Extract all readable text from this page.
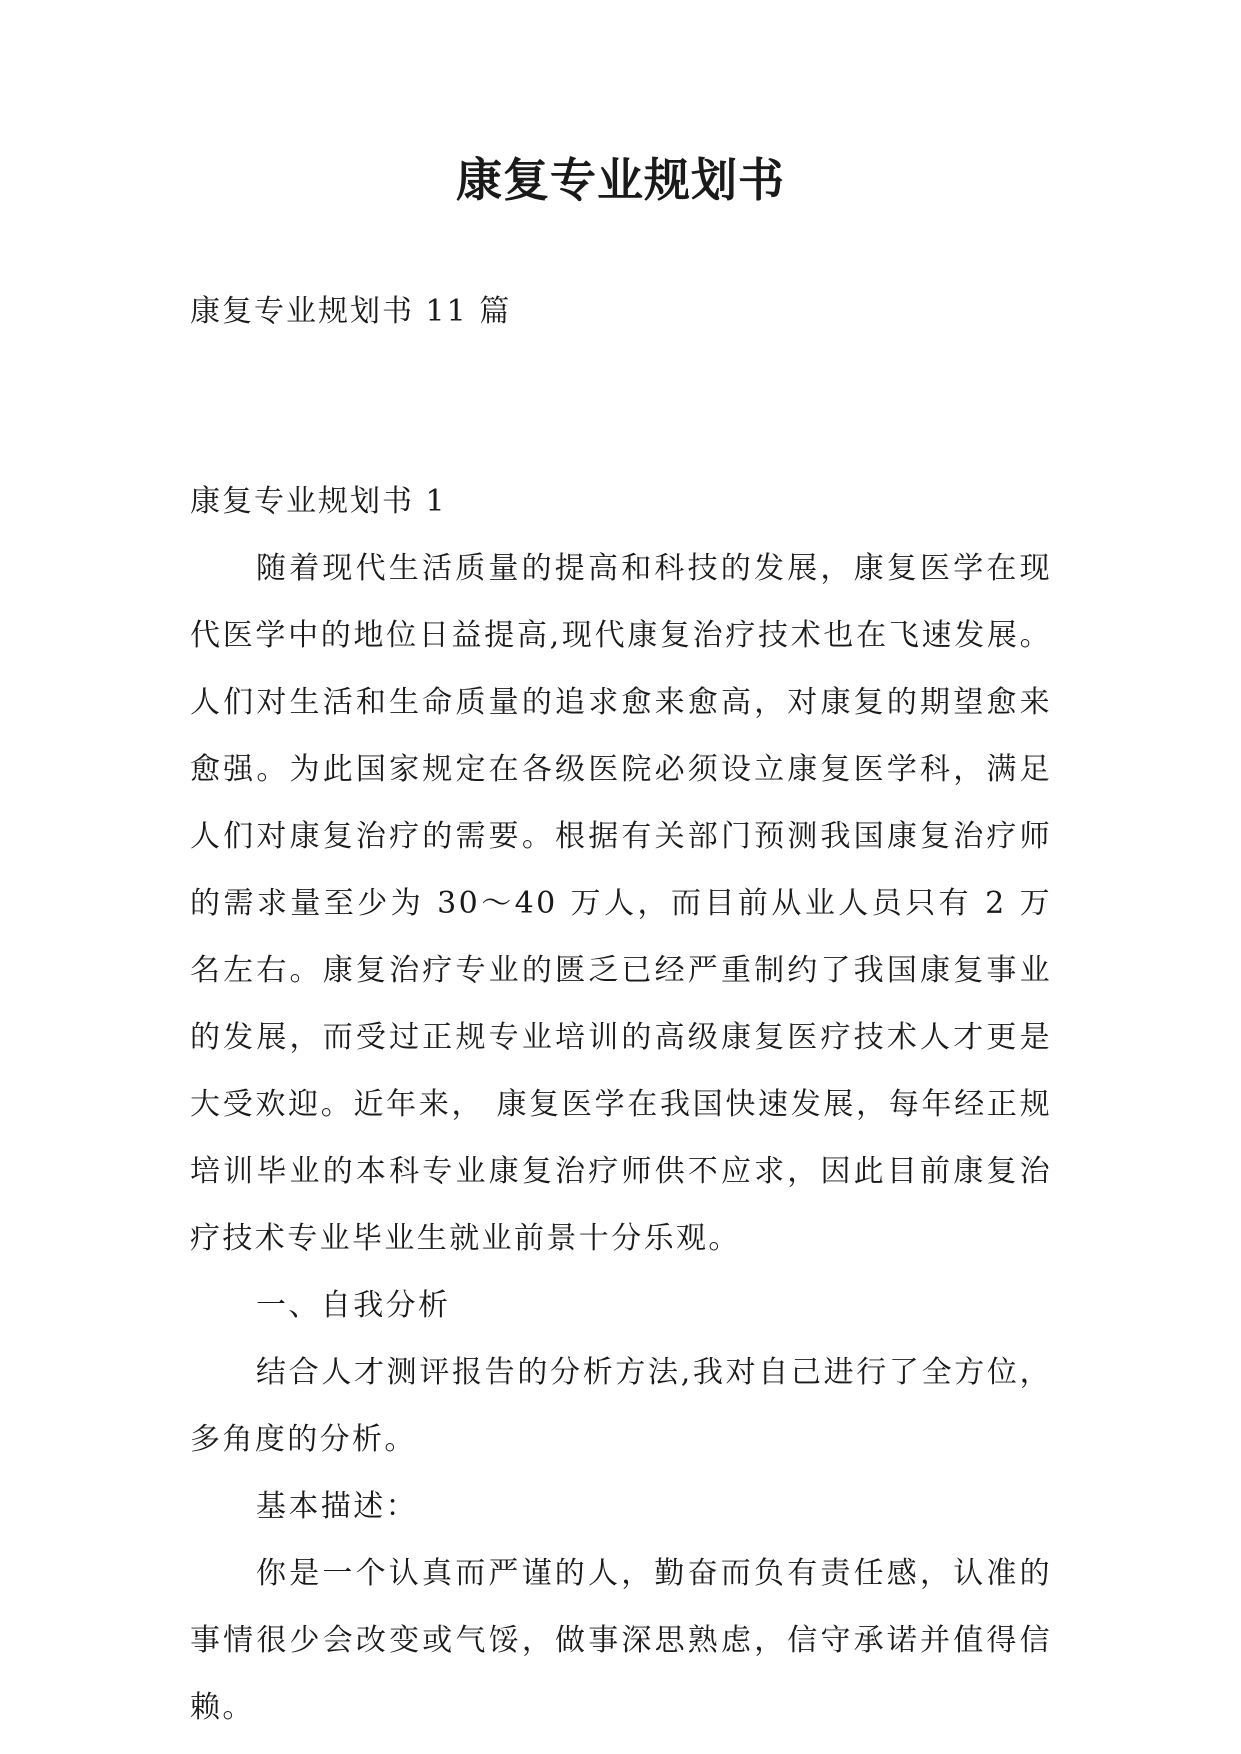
康复专业规划书
康复专业规划书 11 篇

康复专业规划书 1

随着现代生活质量的提高和科技的发展，康复医学在现代医学中的地位日益提高,现代康复治疗技术也在飞速发展。人们对生活和生命质量的追求愈来愈高，对康复的期望愈来愈强。为此国家规定在各级医院必须设立康复医学科，满足人们对康复治疗的需要。根据有关部门预测我国康复治疗师的需求量至少为 30～40 万人，而目前从业人员只有 2 万名左右。康复治疗专业的匮乏已经严重制约了我国康复事业的发展，而受过正规专业培训的高级康复医疗技术人才更是大受欢迎。近年来， 康复医学在我国快速发展，每年经正规培训毕业的本科专业康复治疗师供不应求，因此目前康复治疗技术专业毕业生就业前景十分乐观。

一、自我分析

结合人才测评报告的分析方法,我对自己进行了全方位，多角度的分析。

基本描述：

你是一个认真而严谨的人，勤奋而负有责任感，认准的事情很少会改变或气馁，做事深思熟虑，信守承诺并值得信赖。
